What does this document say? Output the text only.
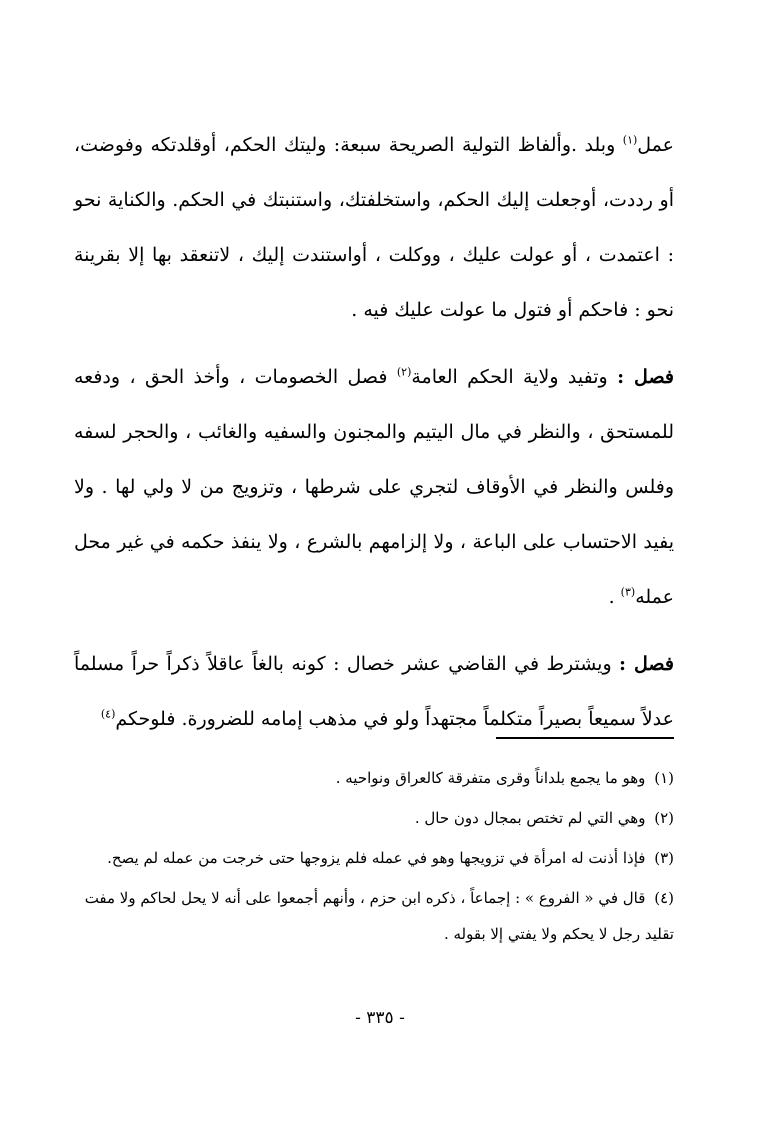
عمل$^{(١)}$ وبلد .وألفاظ التولية الصريحة سبعة: وليتك الحكم، أوقلدتكه وفوضت، أو رددت، أوجعلت إليك الحكم، واستخلفتك، واستنبتك في الحكم. والكناية نحو : اعتمدت ، أو عولت عليك ، ووكلت ، أواستندت إليك ، لاتنعقد بها إلا بقرينة نحو : فاحكم أو فتول ما عولت عليك فيه .

فصل : وتفيد ولاية الحكم العامة$^{(٢)}$ فصل الخصومات ، وأخذ الحق ، ودفعه للمستحق ، والنظر في مال اليتيم والمجنون والسفيه والغائب ، والحجر لسفه وفلس والنظر في الأوقاف لتجري على شرطها ، وتزويج من لا ولي لها . ولا يفيد الاحتساب على الباعة ، ولا إلزامهم بالشرع ، ولا ينفذ حكمه في غير محل عمله$^{(٣)}$ .

فصل : ويشترط في القاضي عشر خصال : كونه بالغاً عاقلاً ذكراً حراً مسلماً عدلاً سميعاً بصيراً متكلماً مجتهداً ولو في مذهب إمامه للضرورة. فلوحكم$^{(٤)}$

(١) وهو ما يجمع بلداناً وقرى متفرقة كالعراق ونواحيه .

(٢) وهي التي لم تختص بمجال دون حال .

(٣) فإذا أذنت له امرأة في تزويجها وهو في عمله فلم يزوجها حتى خرجت من عمله لم يصح.

(٤) قال في « الفروع » : إجماعاً ، ذكره ابن حزم ، وأنهم أجمعوا على أنه لا يحل لحاكم ولا مفت تقليد رجل لا يحكم ولا يفتي إلا بقوله .

- ٣٣٥ -
